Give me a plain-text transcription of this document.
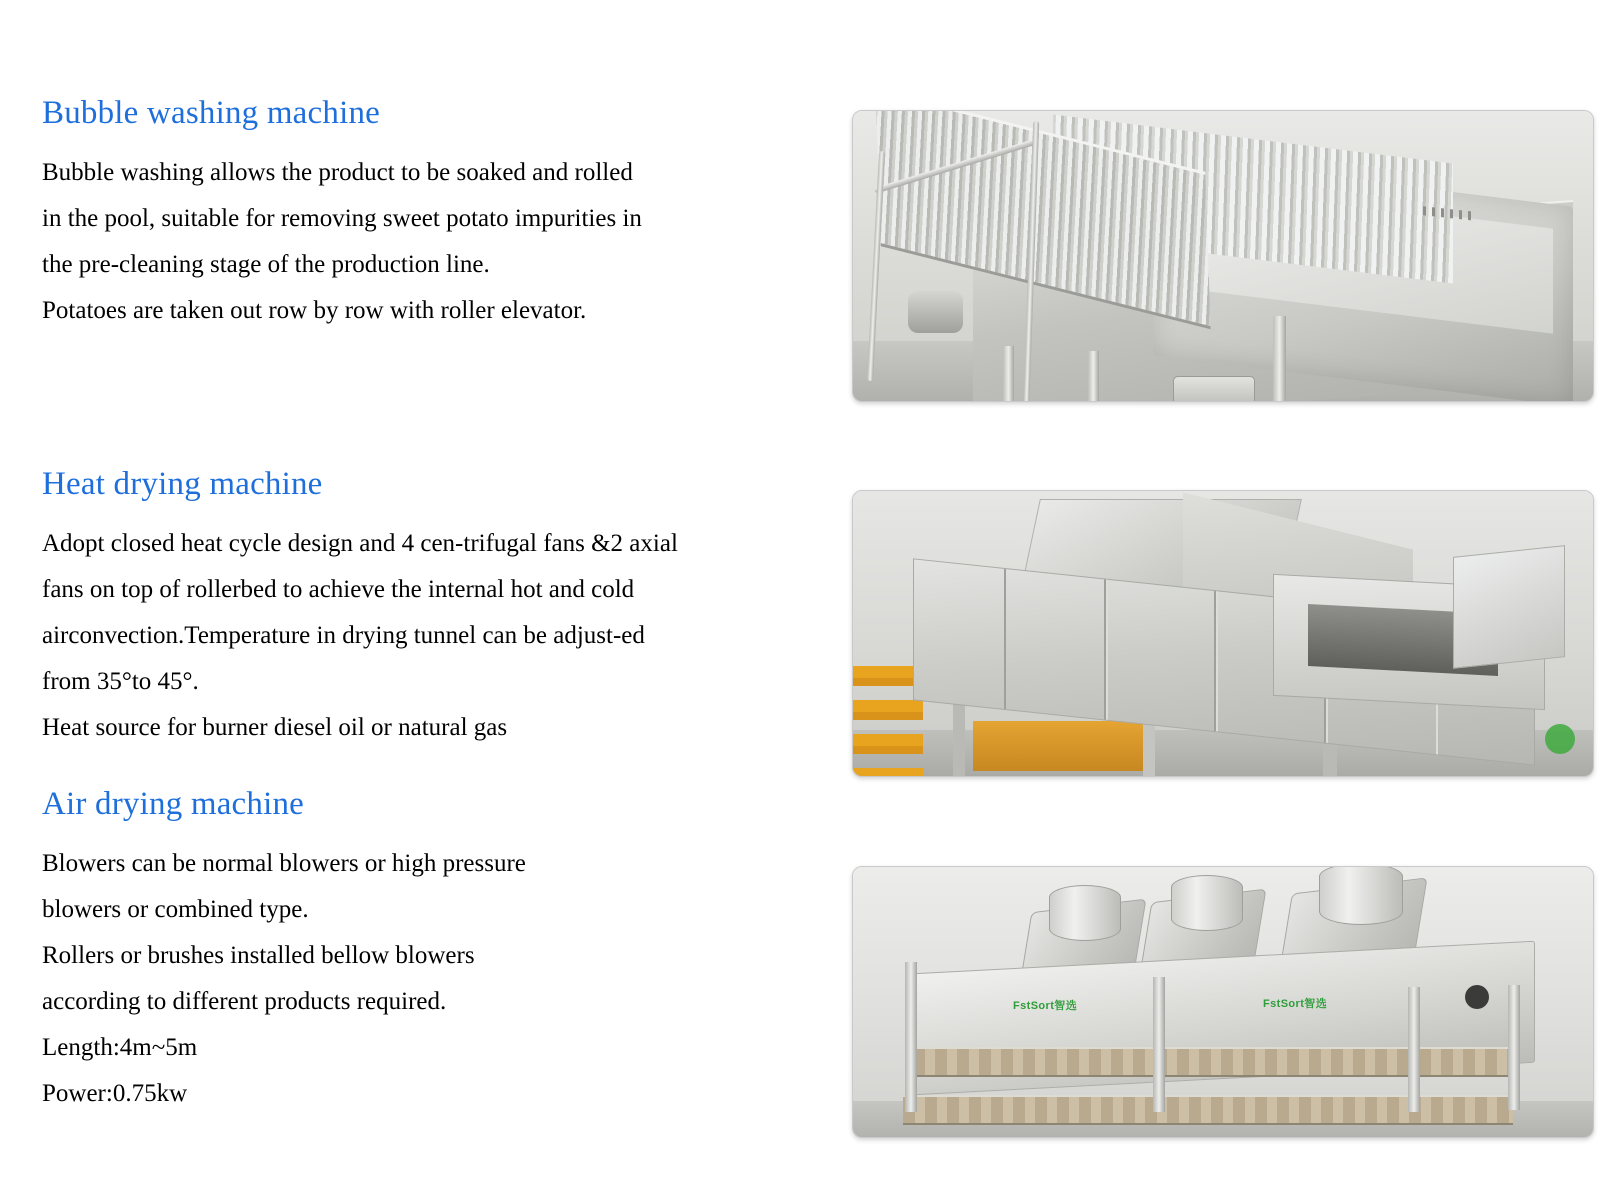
Bubble washing machine

Bubble washing allows the product to be soaked and rolled

in the pool, suitable for removing sweet potato impurities in

the pre-cleaning stage of the production line.

Potatoes are taken out row by row with roller elevator.

Heat drying machine

Adopt closed heat cycle design and 4 cen-trifugal fans &2 axial

fans on top of rollerbed to achieve the internal hot and cold

airconvection.Temperature in drying tunnel can be adjust-ed

from 35°to 45°.

Heat source for burner diesel oil or natural gas

Air drying machine

Blowers can be normal blowers or high pressure

blowers or combined type.

Rollers or brushes installed bellow blowers

according to different products required.

Length:4m~5m

Power:0.75kw

FstSort智选	FstSort智选
